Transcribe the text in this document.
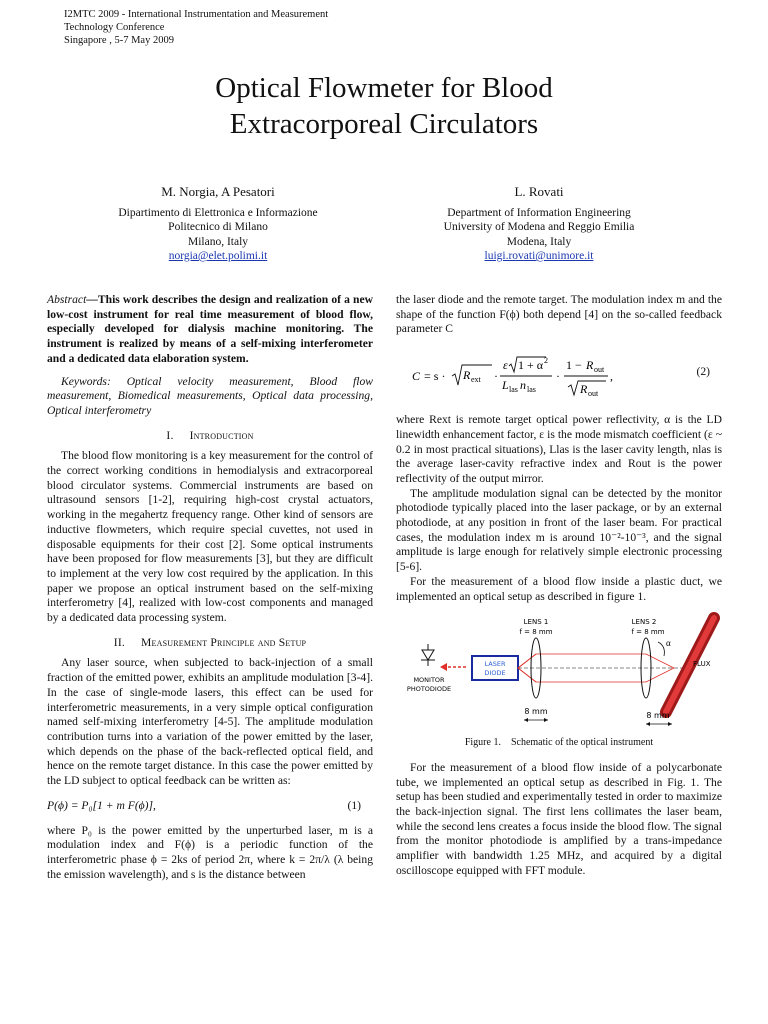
I2MTC 2009 - International Instrumentation and Measurement
Technology Conference
Singapore , 5-7 May 2009
Optical Flowmeter for Blood
Extracorporeal Circulators
M. Norgia, A Pesatori
Dipartimento di Elettronica e Informazione
Politecnico di Milano
Milano, Italy
norgia@elet.polimi.it
L. Rovati
Department of Information Engineering
University of Modena and Reggio Emilia
Modena, Italy
luigi.rovati@unimore.it

Abstract—This work describes the design and realization of a new low-cost instrument for real time measurement of blood flow, especially developed for dialysis machine monitoring. The instrument is realized by means of a self-mixing interferometer and a dedicated data elaboration system.

Keywords: Optical velocity measurement, Blood flow measurement, Biomedical measurements, Optical data processing, Optical interferometry

I. Introduction

The blood flow monitoring is a key measurement for the control of the correct working conditions in hemodialysis and extracorporeal blood circulator systems. Commercial instruments are based on ultrasound sensors [1-2], requiring high-cost crystal actuators, working in the megahertz frequency range. Other kind of sensors are inductive flowmeters, which require special cuvettes, not used in disposable equipments for their cost [2]. Some optical instruments have been proposed for flow measurements [3], but they are difficult to implement at the very low cost required by the application. In this paper we propose an optical instrument based on the self-mixing interferometry [4], realized with low-cost components and managed by a dedicated data processing system.

II. Measurement Principle and Setup

Any laser source, when subjected to back-injection of a small fraction of the emitted power, exhibits an amplitude modulation [3-4]. In the case of single-mode lasers, this effect can be used for interferometric measurements, in a very simple optical configuration named self-mixing interferometry [4-5]. The amplitude modulation contribution turns into a variation of the power emitted by the laser, which depends on the phase of the back-reflected optical field, and hence on the remote target distance. In this case the power emitted by the LD subject to optical feedback can be written as:

P(ϕ) = P₀[1 + m F(ϕ)],	(1)

where P₀ is the power emitted by the unperturbed laser, m is a modulation index and F(ϕ) is a periodic function of the interferometric phase ϕ = 2ks of period 2π, where k = 2π/λ (λ being the emission wavelength), and s is the distance between

the laser diode and the remote target. The modulation index m and the shape of the function F(ϕ) both depend [4] on the so-called feedback parameter C

C = s · R ext ·
ε 1 + α 2
L las n las
·
1 − R out
R out
,	(2)

where Rext is remote target optical power reflectivity, α is the LD linewidth enhancement factor, ε is the mode mismatch coefficient (ε ~ 0.2 in most practical situations), Llas is the laser cavity length, nlas is the average laser-cavity refractive index and Rout is the power reflectivity of the output mirror.

The amplitude modulation signal can be detected by the monitor photodiode typically placed into the laser package, or by an external photodiode, at any position in front of the laser beam. For practical cases, the modulation index m is around 10⁻²-10⁻³, and the signal amplitude is large enough for relatively simple electronic processing [5-6].

For the measurement of a blood flow inside a plastic duct, we implemented an optical setup as described in figure 1.

LENS 1
f = 8 mm
LENS 2
f = 8 mm
MONITOR
PHOTODIODE
LASER
DIODE
α
FLUX
8 mm	8 mm
Figure 1. Schematic of the optical instrument

For the measurement of a blood flow inside of a polycarbonate tube, we implemented an optical setup as described in Fig. 1. The setup has been studied and experimentally tested in order to maximize the back-injection signal. The first lens collimates the laser beam, while the second lens creates a focus inside the blood flow. The signal from the monitor photodiode is amplified by a trans-impedance amplifier with bandwidth 1.25 MHz, and acquired by a digital oscilloscope equipped with FFT module.
